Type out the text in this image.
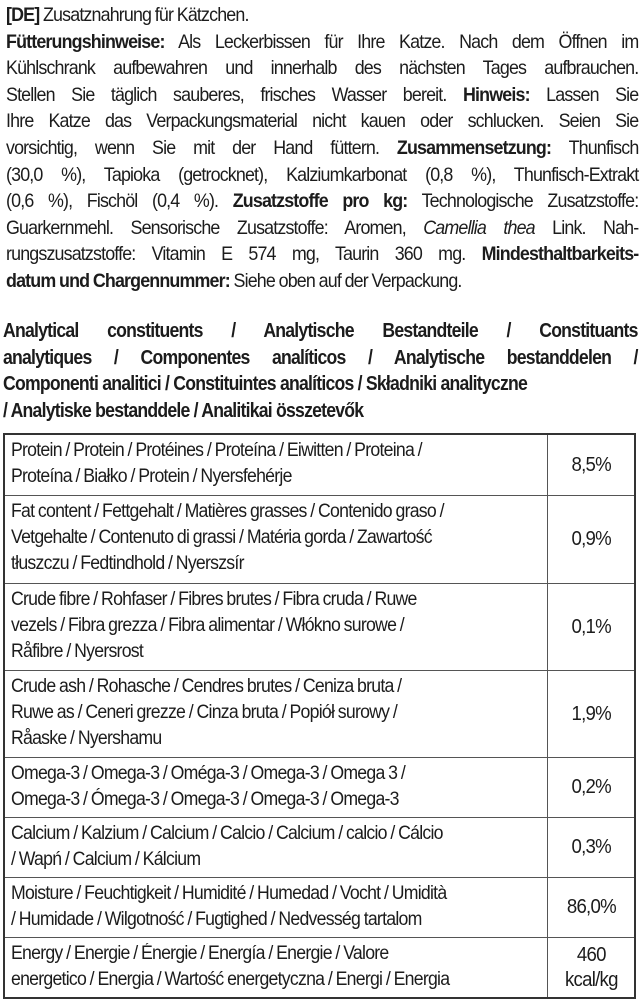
[DE] Zusatznahrung für Kätzchen.
Fütterungshinweise: Als Leckerbissen für Ihre Katze. Nach dem Öffnen im
Kühlschrank aufbewahren und innerhalb des nächsten Tages aufbrauchen.
Stellen Sie täglich sauberes, frisches Wasser bereit. Hinweis: Lassen Sie
Ihre Katze das Verpackungsmaterial nicht kauen oder schlucken. Seien Sie
vorsichtig, wenn Sie mit der Hand füttern. Zusammensetzung: Thunfisch
(30,0 %), Tapioka (getrocknet), Kalziumkarbonat (0,8 %), Thunfisch-Extrakt
(0,6 %), Fischöl (0,4 %). Zusatzstoffe pro kg: Technologische Zusatzstoffe:
Guarkernmehl. Sensorische Zusatzstoffe: Aromen, Camellia thea Link. Nah-
rungszusatzstoffe: Vitamin E 574 mg, Taurin 360 mg. Mindesthaltbarkeits-
datum und Chargennummer: Siehe oben auf der Verpackung.
Analytical constituents / Analytische Bestandteile / Constituants
analytiques / Componentes analíticos / Analytische bestanddelen /
Componenti analitici / Constituintes analíticos / Składniki analityczne
/ Analytiske bestanddele / Analitikai összetevők
Protein / Protein / Protéines / Proteína / Eiwitten / Proteina /
Proteína / Białko / Protein / Nyersfehérje
8,5%
Fat content / Fettgehalt / Matières grasses / Contenido graso /
Vetgehalte / Contenuto di grassi / Matéria gorda / Zawartość
tłuszczu / Fedtindhold / Nyerszsír
0,9%
Crude fibre / Rohfaser / Fibres brutes / Fibra cruda / Ruwe
vezels / Fibra grezza / Fibra alimentar / Włókno surowe /
Råfibre / Nyersrost
0,1%
Crude ash / Rohasche / Cendres brutes / Ceniza bruta /
Ruwe as / Ceneri grezze / Cinza bruta / Popiół surowy /
Råaske / Nyershamu
1,9%
Omega-3 / Omega-3 / Oméga-3 / Omega-3 / Omega 3 /
Omega-3 / Ómega-3 / Omega-3 / Omega-3 / Omega-3
0,2%
Calcium / Kalzium / Calcium / Calcio / Calcium / calcio / Cálcio
/ Wapń / Calcium / Kálcium
0,3%
Moisture / Feuchtigkeit / Humidité / Humedad / Vocht / Umidità
/ Humidade / Wilgotność / Fugtighed / Nedvesség tartalom
86,0%
Energy / Energie / Énergie / Energía / Energie / Valore
energetico / Energia / Wartość energetyczna / Energi / Energia
460
kcal/kg
